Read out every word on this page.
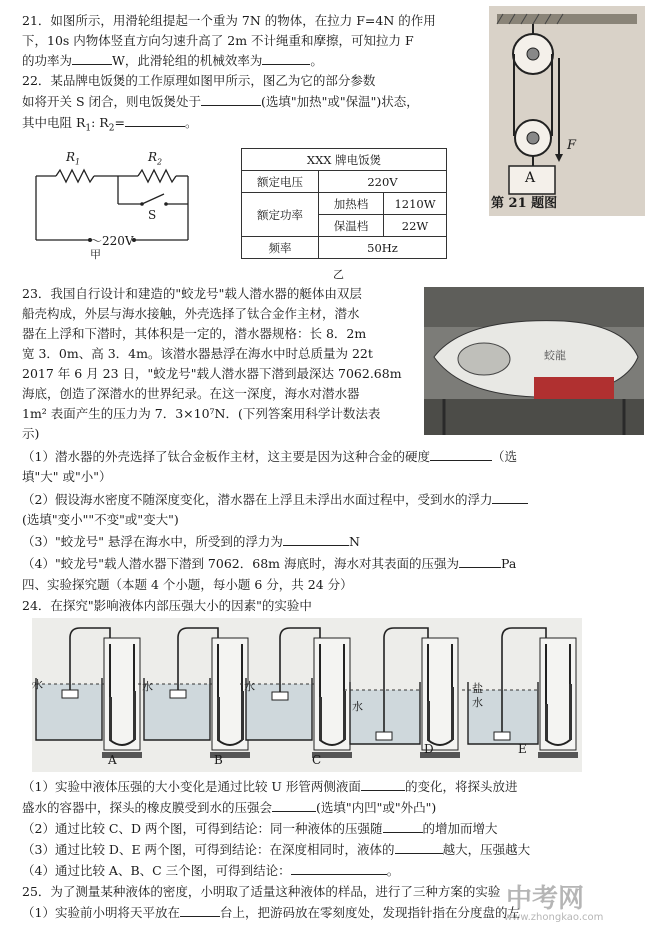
21．如图所示，用滑轮组提起一个重为 7N 的物体，在拉力 F=4N 的作用
下，10s 内物体竖直方向匀速升高了 2m 不计绳重和摩擦，可知拉力 F
的功率为	W，此滑轮组的机械效率为	。
A
F
第 21 题图
22．某品牌电饭煲的工作原理如图甲所示，图乙为它的部分参数
如将开关 S 闭合，则电饭煲处于	(选填"加热"或"保温")状态，
其中电阻 $R_1$: $R_2=$	。
$R_1$	$R_2$
S
～220V
甲
XXX 牌电饭煲		
额定电压	220V	
额定功率	加热档	1210W
	保温档	22W
频率	50Hz	
乙
23．我国自行设计和建造的"蛟龙号"载人潜水器的艇体由双层
船壳构成，外层与海水接触，外壳选择了钛合金作主材，潜水
器在上浮和下潜时，其体积是一定的，潜水器规格：长 8．2m
宽 3．0m、高 3．4m。该潜水器悬浮在海水中时总质量为 22t
2017 年 6 月 23 日，"蛟龙号"载人潜水器下潜到最深达 7062.68m
海底，创造了深潜水的世界纪录。在这一深度，海水对潜水器
1m² 表面产生的压力为 7．3×10⁷N．(下列答案用科学计数法表
示)
蛟龍
（1）潜水器的外壳选择了钛合金板作主材，这主要是因为这种合金的硬度	（选
填"大" 或"小"）
（2）假设海水密度不随深度变化，潜水器在上浮且未浮出水面过程中，受到水的浮力
(选填"变小""不变"或"变大")
（3）"蛟龙号" 悬浮在海水中，所受到的浮力为	N
（4）"蛟龙号"载人潜水器下潜到 7062．68m 海底时，海水对其表面的压强为	Pa
四、实验探究题（本题 4 个小题，每小题 6 分，共 24 分）
24．在探究"影响液体内部压强大小的因素"的实验中
A	B	C
D	E
水	水	水
水
盐
水
（1）实验中液体压强的大小变化是通过比较 U 形管两侧液面	的变化，将探头放进
盛水的容器中，探头的橡皮膜受到水的压强会	(选填"内凹"或"外凸")
（2）通过比较 C、D 两个图，可得到结论：同一种液体的压强随	的增加而增大
（3）通过比较 D、E 两个图，可得到结论：在深度相同时，液体的	越大，压强越大
（4）通过比较 A、B、C 三个图，可得到结论：	。
25．为了测量某种液体的密度，小明取了适量这种液体的样品，进行了三种方案的实验
（1）实验前小明将天平放在	台上，把游码放在零刻度处，发现指针指在分度盘的左
中考网
www.zhongkao.com
